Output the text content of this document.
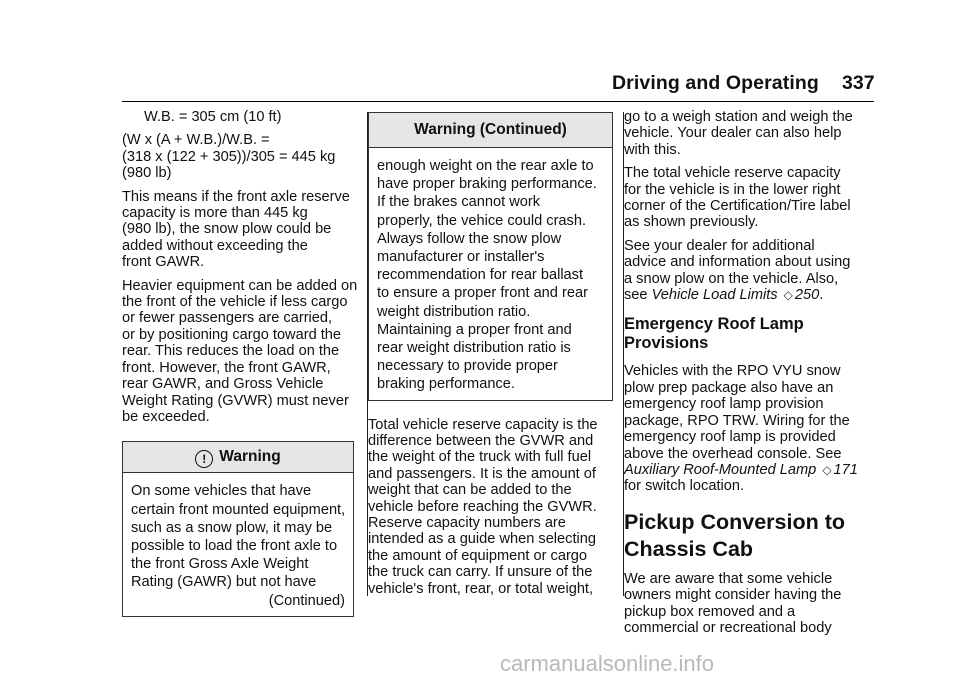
Driving and Operating 337

W.B. = 305 cm (10 ft)

(W x (A + W.B.)/W.B. =
(318 x (122 + 305))/305 = 445 kg
(980 lb)

This means if the front axle reserve
capacity is more than 445 kg
(980 lb), the snow plow could be
added without exceeding the
front GAWR.

Heavier equipment can be added on
the front of the vehicle if less cargo
or fewer passengers are carried,
or by positioning cargo toward the
rear. This reduces the load on the
front. However, the front GAWR,
rear GAWR, and Gross Vehicle
Weight Rating (GVWR) must never
be exceeded.

! Warning
On some vehicles that have
certain front mounted equipment,
such as a snow plow, it may be
possible to load the front axle to
the front Gross Axle Weight
Rating (GAWR) but not have
(Continued)
Warning (Continued)
enough weight on the rear axle to
have proper braking performance.
If the brakes cannot work
properly, the vehice could crash.
Always follow the snow plow
manufacturer or installer's
recommendation for rear ballast
to ensure a proper front and rear
weight distribution ratio.
Maintaining a proper front and
rear weight distribution ratio is
necessary to provide proper
braking performance.

Total vehicle reserve capacity is the
difference between the GVWR and
the weight of the truck with full fuel
and passengers. It is the amount of
weight that can be added to the
vehicle before reaching the GVWR.
Reserve capacity numbers are
intended as a guide when selecting
the amount of equipment or cargo
the truck can carry. If unsure of the
vehicle's front, rear, or total weight,

go to a weigh station and weigh the
vehicle. Your dealer can also help
with this.

The total vehicle reserve capacity
for the vehicle is in the lower right
corner of the Certification/Tire label
as shown previously.

See your dealer for additional
advice and information about using
a snow plow on the vehicle. Also,
see Vehicle Load Limits ◇ 250.

Emergency Roof Lamp
Provisions

Vehicles with the RPO VYU snow
plow prep package also have an
emergency roof lamp provision
package, RPO TRW. Wiring for the
emergency roof lamp is provided
above the overhead console. See
Auxiliary Roof-Mounted Lamp ◇ 171
for switch location.

Pickup Conversion to
Chassis Cab

We are aware that some vehicle
owners might consider having the
pickup box removed and a
commercial or recreational body

carmanualsonline.info
